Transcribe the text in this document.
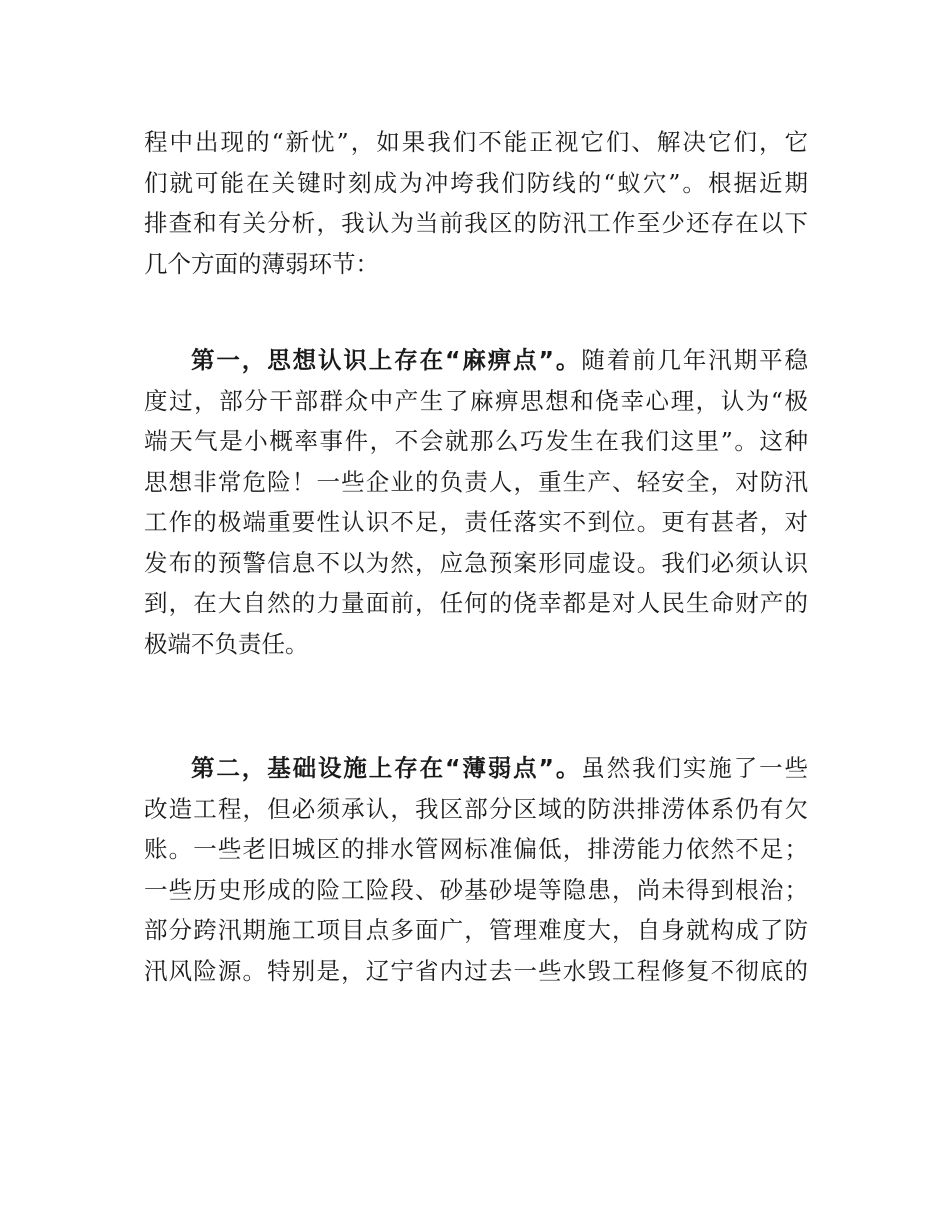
程中出现的“新忧”，如果我们不能正视它们、解决它们，它
们就可能在关键时刻成为冲垮我们防线的“蚁穴”。根据近期
排查和有关分析，我认为当前我区的防汛工作至少还存在以下
几个方面的薄弱环节：
第一，思想认识上存在“麻痹点”。随着前几年汛期平稳
度过，部分干部群众中产生了麻痹思想和侥幸心理，认为“极
端天气是小概率事件，不会就那么巧发生在我们这里”。这种
思想非常危险！一些企业的负责人，重生产、轻安全，对防汛
工作的极端重要性认识不足，责任落实不到位。更有甚者，对
发布的预警信息不以为然，应急预案形同虚设。我们必须认识
到，在大自然的力量面前，任何的侥幸都是对人民生命财产的
极端不负责任。
第二，基础设施上存在“薄弱点”。虽然我们实施了一些
改造工程，但必须承认，我区部分区域的防洪排涝体系仍有欠
账。一些老旧城区的排水管网标准偏低，排涝能力依然不足；
一些历史形成的险工险段、砂基砂堤等隐患，尚未得到根治；
部分跨汛期施工项目点多面广，管理难度大，自身就构成了防
汛风险源。特别是，辽宁省内过去一些水毁工程修复不彻底的
